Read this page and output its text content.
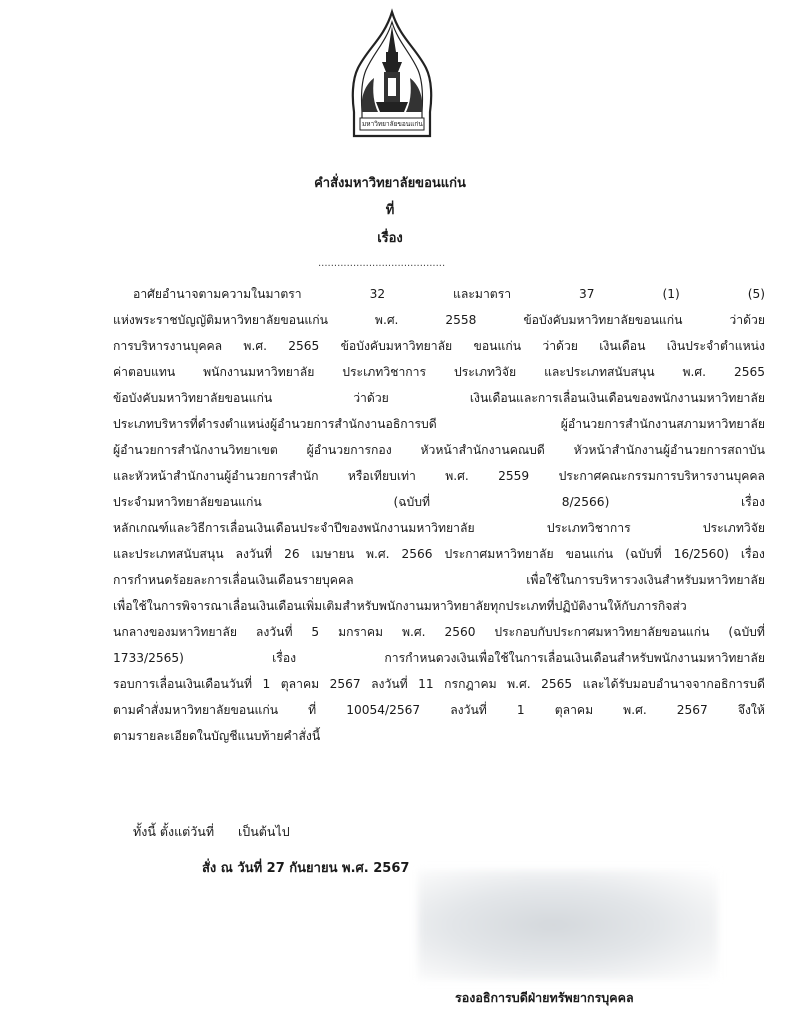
มหาวิทยาลัยขอนแก่น
คำสั่งมหาวิทยาลัยขอนแก่น
ที่
เรื่อง
........................................
อาศัยอำนาจตามความในมาตรา	32	และมาตรา	37	(1)	(5)
แห่งพระราชบัญญัติมหาวิทยาลัยขอนแก่น	พ.ศ.	2558	ข้อบังคับมหาวิทยาลัยขอนแก่น	ว่าด้วย
การบริหารงานบุคคล พ.ศ. 2565 ข้อบังคับมหาวิทยาลัย ขอนแก่น ว่าด้วย เงินเดือน เงินประจำตำแหน่ง
ค่าตอบแทน พนักงานมหาวิทยาลัย ประเภทวิชาการ ประเภทวิจัย และประเภทสนับสนุน พ.ศ. 2565
ข้อบังคับมหาวิทยาลัยขอนแก่น	ว่าด้วย	เงินเดือนและการเลื่อนเงินเดือนของพนักงานมหาวิทยาลัย
ประเภทบริหารที่ดำรงตำแหน่งผู้อำนวยการสำนักงานอธิการบดี	ผู้อำนวยการสำนักงานสภามหาวิทยาลัย
ผู้อำนวยการสำนักงานวิทยาเขต ผู้อำนวยการกอง หัวหน้าสำนักงานคณบดี หัวหน้าสำนักงานผู้อำนวยการสถาบัน
และหัวหน้าสำนักงานผู้อำนวยการสำนัก หรือเทียบเท่า พ.ศ. 2559 ประกาศคณะกรรมการบริหารงานบุคคล
ประจำมหาวิทยาลัยขอนแก่น	(ฉบับที่	8/2566)	เรื่อง
หลักเกณฑ์และวิธีการเลื่อนเงินเดือนประจำปีของพนักงานมหาวิทยาลัย	ประเภทวิชาการ	ประเภทวิจัย
และประเภทสนับสนุน ลงวันที่ 26 เมษายน พ.ศ. 2566 ประกาศมหาวิทยาลัย ขอนแก่น (ฉบับที่ 16/2560) เรื่อง
การกำหนดร้อยละการเลื่อนเงินเดือนรายบุคคล	เพื่อใช้ในการบริหารวงเงินสำหรับมหาวิทยาลัย
เพื่อใช้ในการพิจารณาเลื่อนเงินเดือนเพิ่มเติมสำหรับพนักงานมหาวิทยาลัยทุกประเภทที่ปฏิบัติงานให้กับภารกิจส่ว
นกลางของมหาวิทยาลัย ลงวันที่ 5 มกราคม พ.ศ. 2560 ประกอบกับประกาศมหาวิทยาลัยขอนแก่น (ฉบับที่
1733/2565)	เรื่อง	การกำหนดวงเงินเพื่อใช้ในการเลื่อนเงินเดือนสำหรับพนักงานมหาวิทยาลัย
รอบการเลื่อนเงินเดือนวันที่ 1 ตุลาคม 2567 ลงวันที่ 11 กรกฎาคม พ.ศ. 2565 และได้รับมอบอำนาจจากอธิการบดี
ตามคำสั่งมหาวิทยาลัยขอนแก่น ที่ 10054/2567 ลงวันที่ 1 ตุลาคม พ.ศ. 2567 จึงให้
ตามรายละเอียดในบัญชีแนบท้ายคำสั่งนี้
ทั้งนี้ ตั้งแต่วันที่ เป็นต้นไป
สั่ง ณ วันที่ 27 กันยายน พ.ศ. 2567
รองอธิการบดีฝ่ายทรัพยากรบุคคล
